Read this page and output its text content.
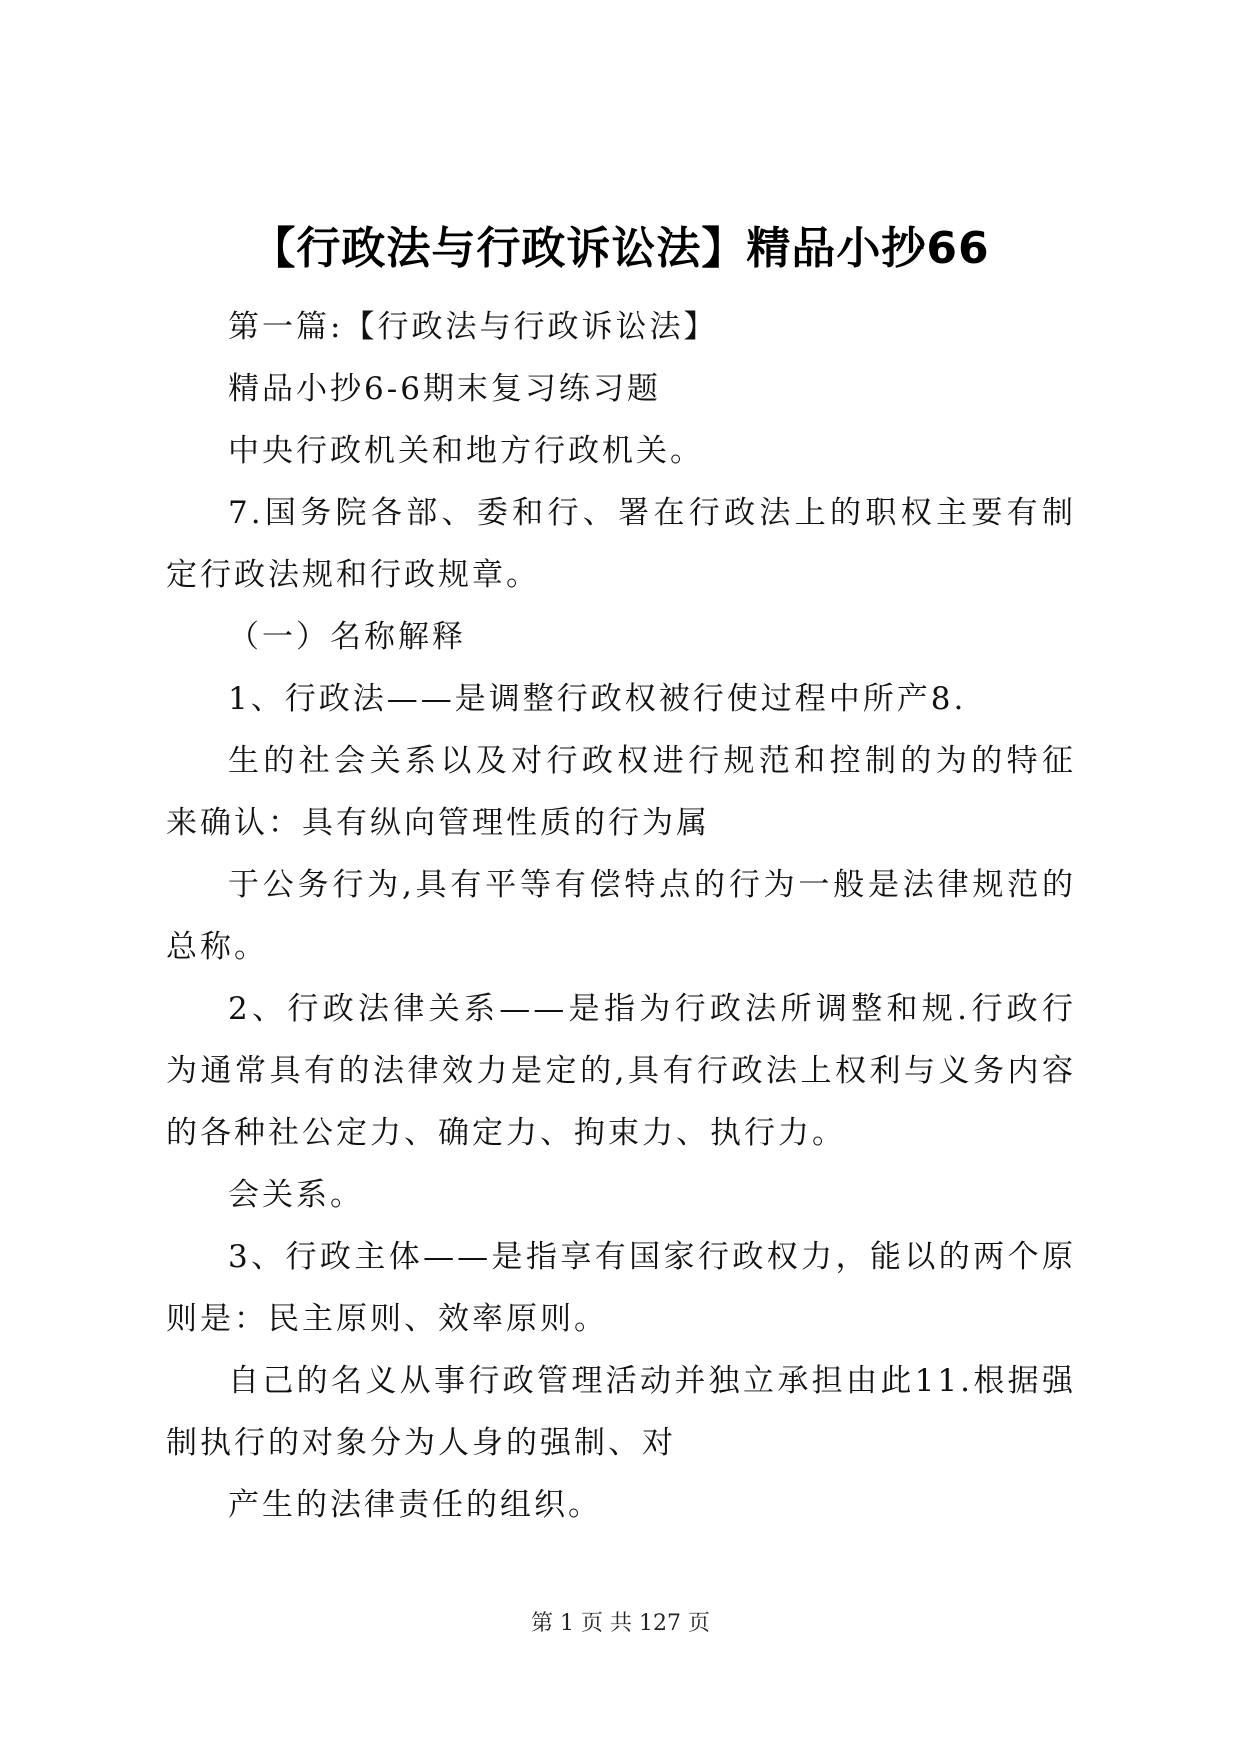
【行政法与行政诉讼法】精品小抄66

第一篇:【行政法与行政诉讼法】

精品小抄6-6期末复习练习题

中央行政机关和地方行政机关。

7.国务院各部、委和行、署在行政法上的职权主要有制定行政法规和行政规章。

（一）名称解释

1、行政法——是调整行政权被行使过程中所产8.

生的社会关系以及对行政权进行规范和控制的为的特征来确认：具有纵向管理性质的行为属

于公务行为,具有平等有偿特点的行为一般是法律规范的总称。

2、行政法律关系——是指为行政法所调整和规.行政行为通常具有的法律效力是定的,具有行政法上权利与义务内容的各种社公定力、确定力、拘束力、执行力。

会关系。

3、行政主体——是指享有国家行政权力，能以的两个原则是：民主原则、效率原则。

自己的名义从事行政管理活动并独立承担由此11.根据强制执行的对象分为人身的强制、对

产生的法律责任的组织。

第 1 页 共 127 页
